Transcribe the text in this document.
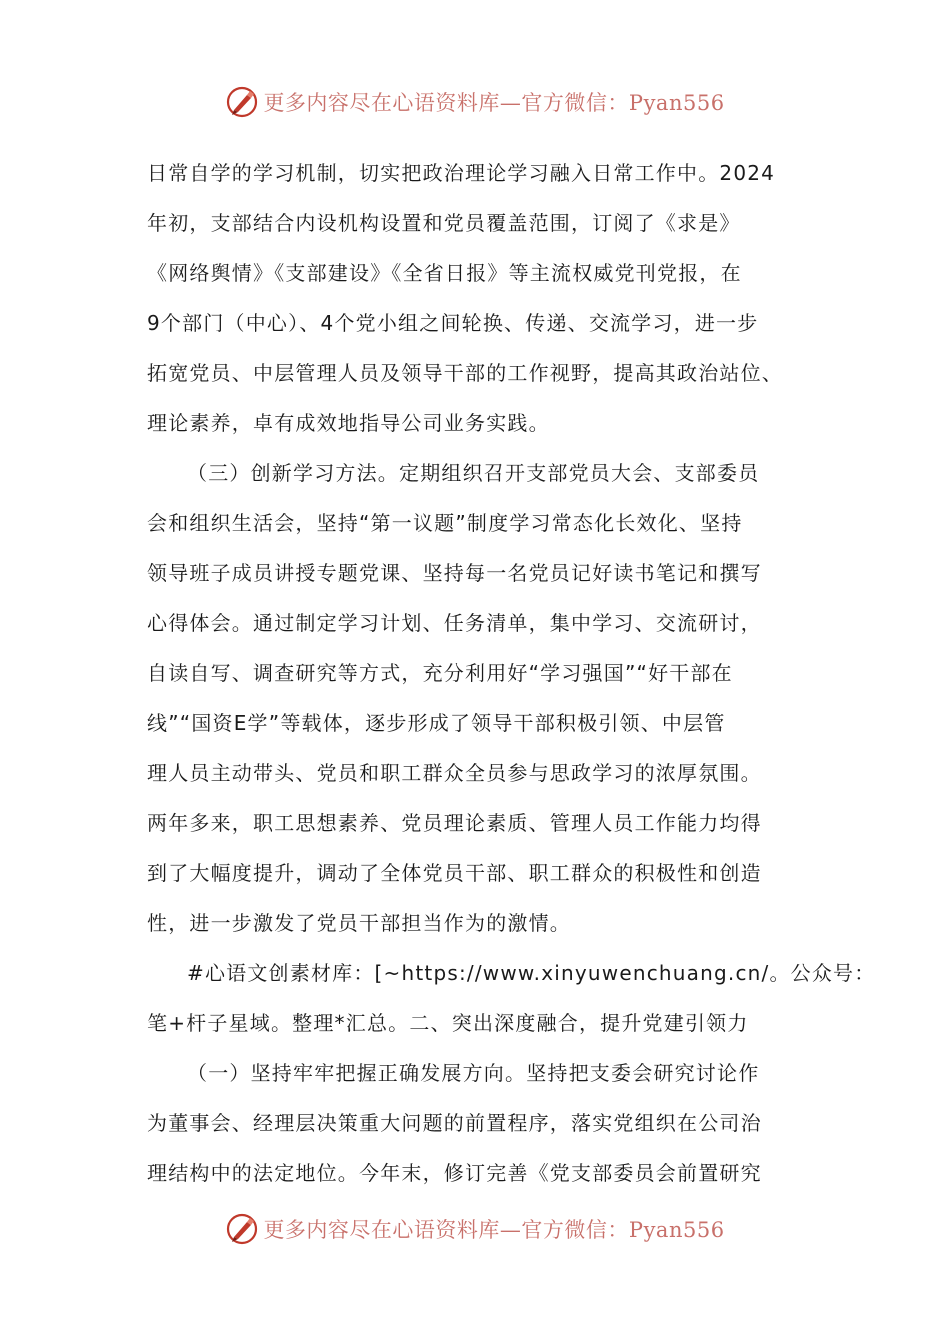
更多内容尽在心语资料库—官方微信：Pyan556

日常自学的学习机制，切实把政治理论学习融入日常工作中。2024
年初，支部结合内设机构设置和党员覆盖范围，订阅了《求是》
《网络舆情》《支部建设》《全省日报》等主流权威党刊党报，在
9个部门（中心）、4个党小组之间轮换、传递、交流学习，进一步
拓宽党员、中层管理人员及领导干部的工作视野，提高其政治站位、
理论素养，卓有成效地指导公司业务实践。

（三）创新学习方法。定期组织召开支部党员大会、支部委员
会和组织生活会，坚持“第一议题”制度学习常态化长效化、坚持
领导班子成员讲授专题党课、坚持每一名党员记好读书笔记和撰写
心得体会。通过制定学习计划、任务清单，集中学习、交流研讨，
自读自写、调查研究等方式，充分利用好“学习强国”“好干部在
线”“国资E学”等载体，逐步形成了领导干部积极引领、中层管
理人员主动带头、党员和职工群众全员参与思政学习的浓厚氛围。
两年多来，职工思想素养、党员理论素质、管理人员工作能力均得
到了大幅度提升，调动了全体党员干部、职工群众的积极性和创造
性，进一步激发了党员干部担当作为的激情。

#心语文创素材库：[~https://www.xinyuwenchuang.cn/。公众号：
笔+杆子星域。整理*汇总。二、突出深度融合，提升党建引领力

（一）坚持牢牢把握正确发展方向。坚持把支委会研究讨论作
为董事会、经理层决策重大问题的前置程序，落实党组织在公司治
理结构中的法定地位。今年末，修订完善《党支部委员会前置研究

更多内容尽在心语资料库—官方微信：Pyan556
